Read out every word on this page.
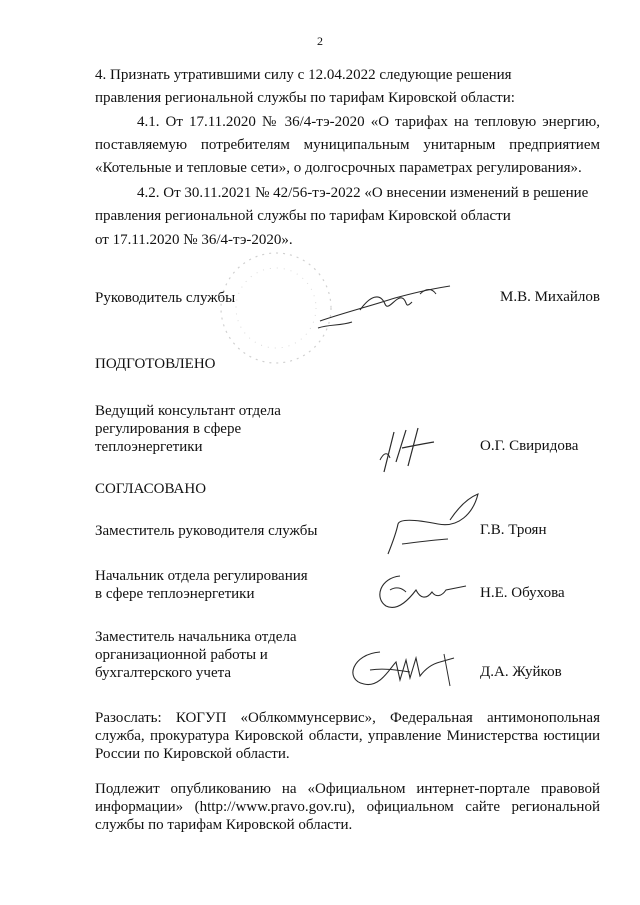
2
4. Признать утратившими силу с 12.04.2022 следующие решения
правления региональной службы по тарифам Кировской области:
4.1. От 17.11.2020 № 36/4-тэ-2020 «О тарифах на тепловую энергию, поставляемую потребителям муниципальным унитарным предприятием «Котельные и тепловые сети», о долгосрочных параметрах регулирования».
4.2. От 30.11.2021 № 42/56-тэ-2022 «О внесении изменений в решение
правления региональной службы по тарифам Кировской области
от 17.11.2020 № 36/4-тэ-2020».
Руководитель службы	М.В. Михайлов
ПОДГОТОВЛЕНО
Ведущий консультант отдела
регулирования в сфере
теплоэнергетики	О.Г. Свиридова
СОГЛАСОВАНО
Заместитель руководителя службы	Г.В. Троян
Начальник отдела регулирования
в сфере теплоэнергетики	Н.Е. Обухова
Заместитель начальника отдела
организационной работы и
бухгалтерского учета	Д.А. Жуйков
Разослать: КОГУП «Облкоммунсервис», Федеральная антимонопольная служба, прокуратура Кировской области, управление Министерства юстиции России по Кировской области.
Подлежит опубликованию на «Официальном интернет-портале правовой информации» (http://www.pravo.gov.ru), официальном сайте региональной службы по тарифам Кировской области.
